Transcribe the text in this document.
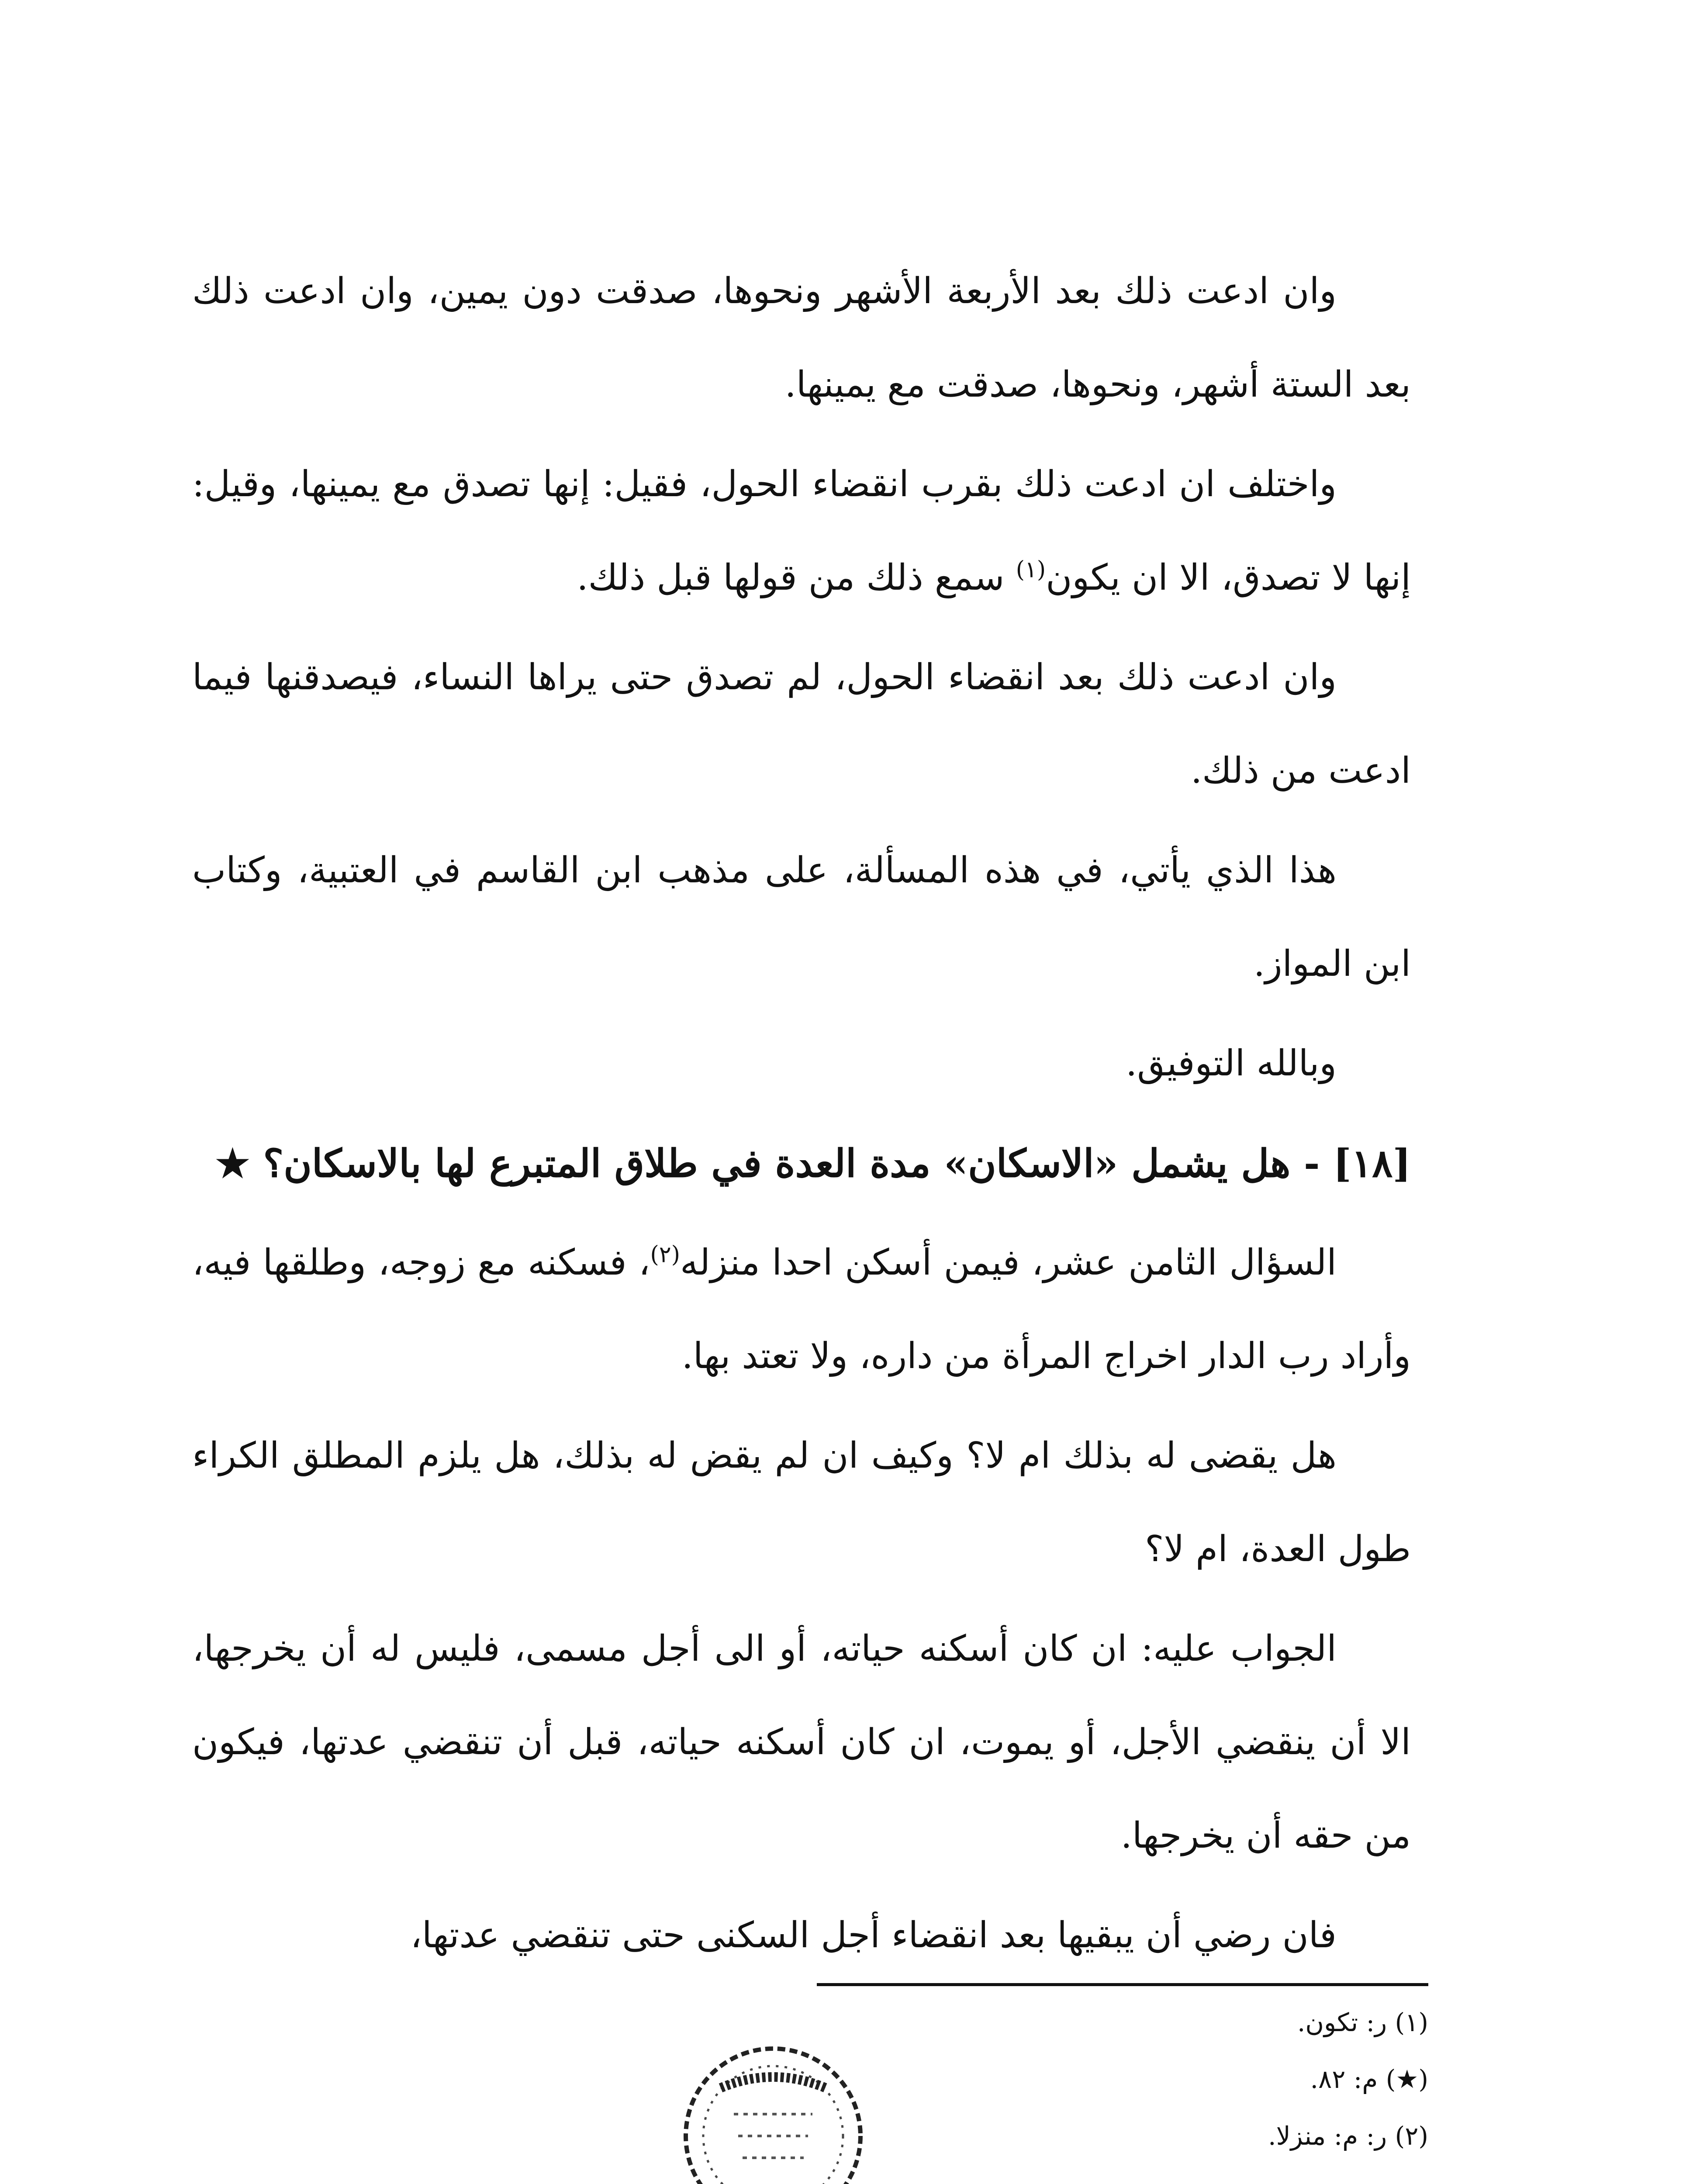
وان ادعت ذلك بعد الأربعة الأشهر ونحوها، صدقت دون يمين، وان ادعت ذلك بعد الستة أشهر، ونحوها، صدقت مع يمينها.

واختلف ان ادعت ذلك بقرب انقضاء الحول، فقيل: إنها تصدق مع يمينها، وقيل: إنها لا تصدق، الا ان يكون$^{(١)}$ سمع ذلك من قولها قبل ذلك.

وان ادعت ذلك بعد انقضاء الحول، لم تصدق حتى يراها النساء، فيصدقنها فيما ادعت من ذلك.

هذا الذي يأتي، في هذه المسألة، على مذهب ابن القاسم في العتبية، وكتاب ابن المواز.

وبالله التوفيق.

[١٨] - هل يشمل «الاسكان» مدة العدة في طلاق المتبرع لها بالاسكان؟ ★

السؤال الثامن عشر، فيمن أسكن احدا منزله$^{(٢)}$، فسكنه مع زوجه، وطلقها فيه، وأراد رب الدار اخراج المرأة من داره، ولا تعتد بها.

هل يقضى له بذلك ام لا؟ وكيف ان لم يقض له بذلك، هل يلزم المطلق الكراء طول العدة، ام لا؟

الجواب عليه: ان كان أسكنه حياته، أو الى أجل مسمى، فليس له أن يخرجها، الا أن ينقضي الأجل، أو يموت، ان كان أسكنه حياته، قبل أن تنقضي عدتها، فيكون من حقه أن يخرجها.

فان رضي أن يبقيها بعد انقضاء أجل السكنى حتى تنقضي عدتها،

(١) ر: تكون.

(★) م: ٨٢.

(٢) ر: م: منزلا.
